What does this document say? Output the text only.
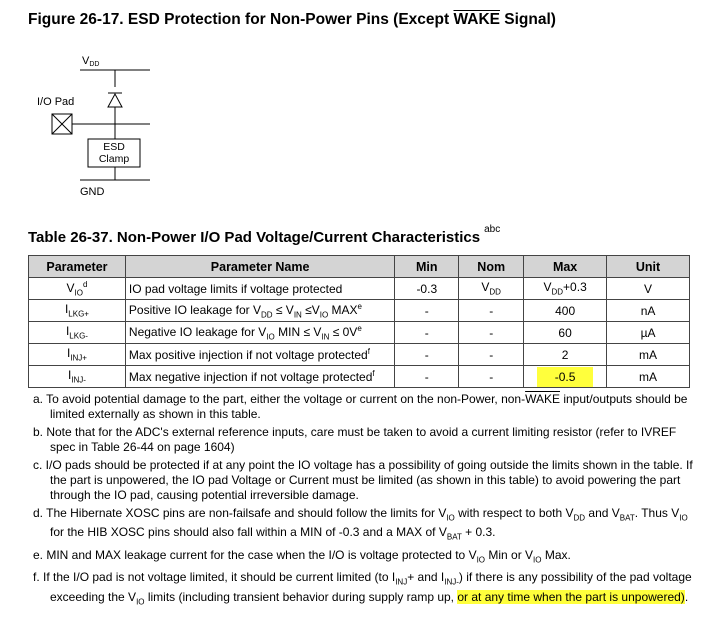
Figure 26-17. ESD Protection for Non-Power Pins (Except WAKE Signal)
VDD
I/O Pad
ESD
Clamp
GND
Table 26-37. Non-Power I/O Pad Voltage/Current Characteristics $^{abc}$
Parameter	Parameter Name	Min	Nom	Max	Unit
$V_{IO}^d$	IO pad voltage limits if voltage protected	-0.3	$V_{DD}$	$V_{DD}+0.3$	V
$I_{LKG+}$	Positive IO leakage for $V_{DD} \le V_{IN} \le V_{IO}$ MAX$^e$	-	-	400	nA
$I_{LKG-}$	Negative IO leakage for $V_{IO}$ MIN ≤ $V_{IN} \le 0V^e$	-	-	60	µA
$I_{INJ+}$	Max positive injection if not voltage protected$^f$	-	-	2	mA
$I_{INJ-}$	Max negative injection if not voltage protected$^f$	-	-	-0.5	mA
a. To avoid potential damage to the part, either the voltage or current on the non-Power, non-WAKE input/outputs should be limited externally as shown in this table.
b. Note that for the ADC's external reference inputs, care must be taken to avoid a current limiting resistor (refer to IVREF spec in Table 26-44 on page 1604)
c. I/O pads should be protected if at any point the IO voltage has a possibility of going outside the limits shown in the table. If the part is unpowered, the IO pad Voltage or Current must be limited (as shown in this table) to avoid powering the part through the IO pad, causing potential irreversible damage.
d. The Hibernate XOSC pins are non-failsafe and should follow the limits for $V_{IO}$ with respect to both $V_{DD}$ and $V_{BAT}$. Thus $V_{IO}$ for the HIB XOSC pins should also fall within a MIN of -0.3 and a MAX of $V_{BAT} + 0.3$.
e. MIN and MAX leakage current for the case when the I/O is voltage protected to $V_{IO}$ Min or $V_{IO}$ Max.
f. If the I/O pad is not voltage limited, it should be current limited (to $I_{INJ}+$ and $I_{INJ-}$) if there is any possibility of the pad voltage exceeding the $V_{IO}$ limits (including transient behavior during supply ramp up, or at any time when the part is unpowered).
